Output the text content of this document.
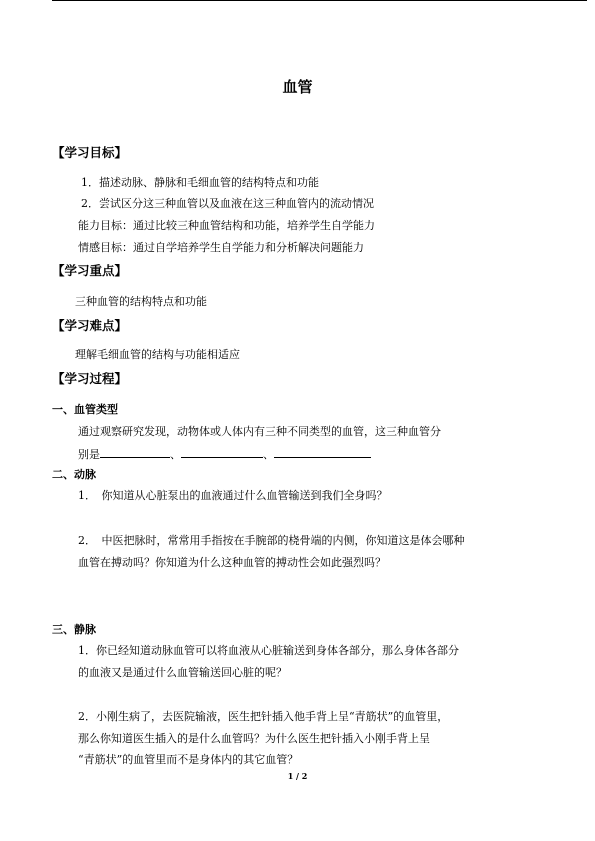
血管
【学习目标】
1．描述动脉、静脉和毛细血管的结构特点和功能
2．尝试区分这三种血管以及血液在这三种血管内的流动情况
能力目标：通过比较三种血管结构和功能，培养学生自学能力
情感目标：通过自学培养学生自学能力和分析解决问题能力
【学习重点】
三种血管的结构特点和功能
【学习难点】
理解毛细血管的结构与功能相适应
【学习过程】
一、血管类型
通过观察研究发现，动物体或人体内有三种不同类型的血管，这三种血管分
别是	、	、
二、动脉
1．　你知道从心脏泵出的血液通过什么血管输送到我们全身吗？
2．　中医把脉时，常常用手指按在手腕部的桡骨端的内侧，你知道这是体会哪种
血管在搏动吗？你知道为什么这种血管的搏动性会如此强烈吗？
三、静脉
1．你已经知道动脉血管可以将血液从心脏输送到身体各部分，那么身体各部分
的血液又是通过什么血管输送回心脏的呢？
2．小刚生病了，去医院输液，医生把针插入他手背上呈“青筋状”的血管里，
那么你知道医生插入的是什么血管吗？为什么医生把针插入小刚手背上呈
“青筋状”的血管里而不是身体内的其它血管？
1 / 2
